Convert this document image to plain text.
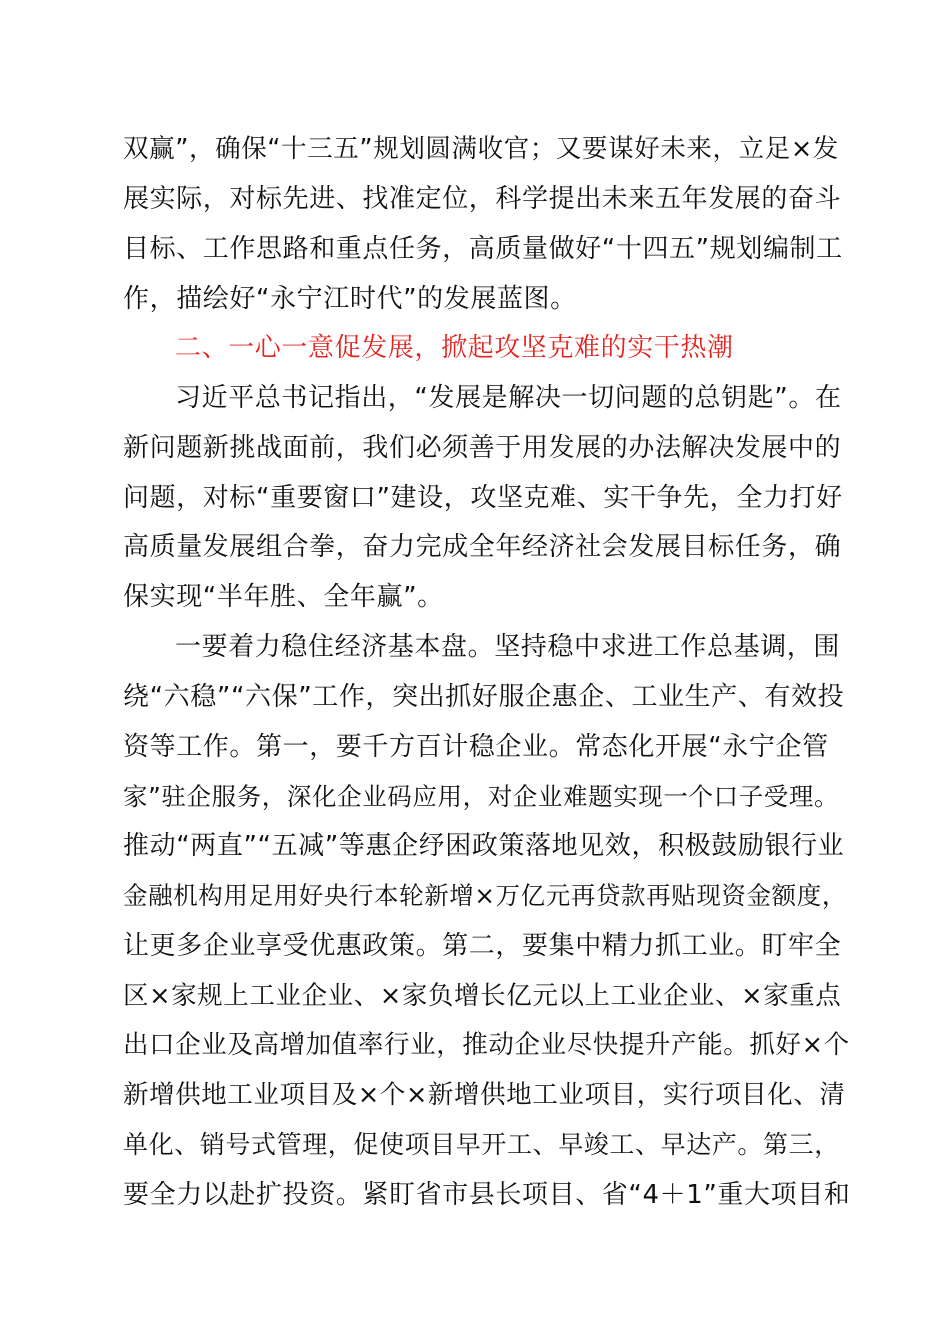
双赢”，确保“十三五”规划圆满收官；又要谋好未来，立足×发
展实际，对标先进、找准定位，科学提出未来五年发展的奋斗
目标、工作思路和重点任务，高质量做好“十四五”规划编制工
作，描绘好“永宁江时代”的发展蓝图。
二、一心一意促发展，掀起攻坚克难的实干热潮
习近平总书记指出，“发展是解决一切问题的总钥匙”。在
新问题新挑战面前，我们必须善于用发展的办法解决发展中的
问题，对标“重要窗口”建设，攻坚克难、实干争先，全力打好
高质量发展组合拳，奋力完成全年经济社会发展目标任务，确
保实现“半年胜、全年赢”。
一要着力稳住经济基本盘。坚持稳中求进工作总基调，围
绕“六稳”“六保”工作，突出抓好服企惠企、工业生产、有效投
资等工作。第一，要千方百计稳企业。常态化开展“永宁企管
家”驻企服务，深化企业码应用，对企业难题实现一个口子受理。
推动“两直”“五减”等惠企纾困政策落地见效，积极鼓励银行业
金融机构用足用好央行本轮新增×万亿元再贷款再贴现资金额度，
让更多企业享受优惠政策。第二，要集中精力抓工业。盯牢全
区×家规上工业企业、×家负增长亿元以上工业企业、×家重点
出口企业及高增加值率行业，推动企业尽快提升产能。抓好×个
新增供地工业项目及×个×新增供地工业项目，实行项目化、清
单化、销号式管理，促使项目早开工、早竣工、早达产。第三，
要全力以赴扩投资。紧盯省市县长项目、省“4＋1”重大项目和
